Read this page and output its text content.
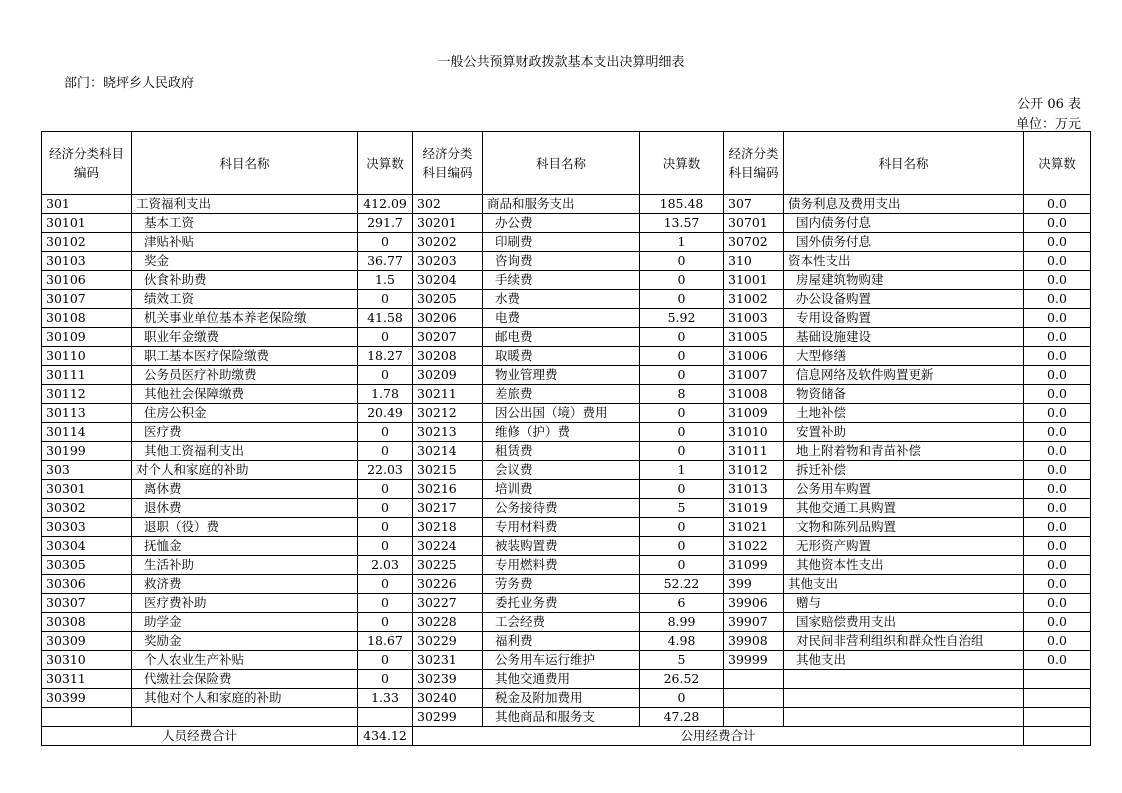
一般公共预算财政拨款基本支出决算明细表
部门：晓坪乡人民政府
公开 06 表
单位：万元
经济分类科目编码	科目名称	决算数	经济分类科目编码	科目名称	决算数	经济分类科目编码	科目名称	决算数
301	工资福利支出	412.09	302	商品和服务支出	185.48	307	债务利息及费用支出	0.0
30101	基本工资	291.7	30201	办公费	13.57	30701	国内债务付息	0.0
30102	津贴补贴	0	30202	印刷费	1	30702	国外债务付息	0.0
30103	奖金	36.77	30203	咨询费	0	310	资本性支出	0.0
30106	伙食补助费	1.5	30204	手续费	0	31001	房屋建筑物购建	0.0
30107	绩效工资	0	30205	水费	0	31002	办公设备购置	0.0
30108	机关事业单位基本养老保险缴	41.58	30206	电费	5.92	31003	专用设备购置	0.0
30109	职业年金缴费	0	30207	邮电费	0	31005	基础设施建设	0.0
30110	职工基本医疗保险缴费	18.27	30208	取暖费	0	31006	大型修缮	0.0
30111	公务员医疗补助缴费	0	30209	物业管理费	0	31007	信息网络及软件购置更新	0.0
30112	其他社会保障缴费	1.78	30211	差旅费	8	31008	物资储备	0.0
30113	住房公积金	20.49	30212	因公出国（境）费用	0	31009	土地补偿	0.0
30114	医疗费	0	30213	维修（护）费	0	31010	安置补助	0.0
30199	其他工资福利支出	0	30214	租赁费	0	31011	地上附着物和青苗补偿	0.0
303	对个人和家庭的补助	22.03	30215	会议费	1	31012	拆迁补偿	0.0
30301	离休费	0	30216	培训费	0	31013	公务用车购置	0.0
30302	退休费	0	30217	公务接待费	5	31019	其他交通工具购置	0.0
30303	退职（役）费	0	30218	专用材料费	0	31021	文物和陈列品购置	0.0
30304	抚恤金	0	30224	被装购置费	0	31022	无形资产购置	0.0
30305	生活补助	2.03	30225	专用燃料费	0	31099	其他资本性支出	0.0
30306	救济费	0	30226	劳务费	52.22	399	其他支出	0.0
30307	医疗费补助	0	30227	委托业务费	6	39906	赠与	0.0
30308	助学金	0	30228	工会经费	8.99	39907	国家赔偿费用支出	0.0
30309	奖励金	18.67	30229	福利费	4.98	39908	对民间非营利组织和群众性自治组	0.0
30310	个人农业生产补贴	0	30231	公务用车运行维护	5	39999	其他支出	0.0
30311	代缴社会保险费	0	30239	其他交通费用	26.52			
30399	其他对个人和家庭的补助	1.33	30240	税金及附加费用	0			
			30299	其他商品和服务支	47.28			
人员经费合计		434.12	公用经费合计					
